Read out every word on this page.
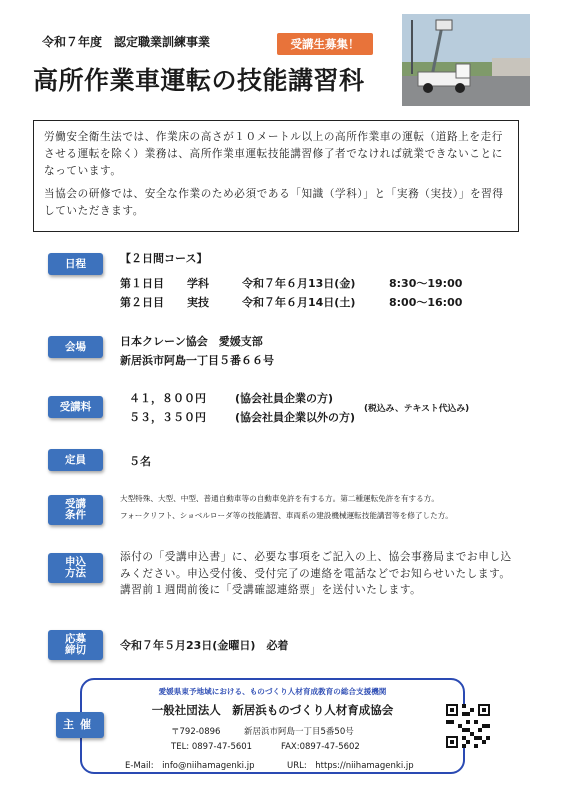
令和７年度　認定職業訓練事業	受講生募集！
高所作業車運転の技能講習科

労働安全衛生法では、作業床の高さが１０メートル以上の高所作業車の運転（道路上を走行させる運転を除く）業務は、高所作業車運転技能講習修了者でなければ就業できないことになっています。

当協会の研修では、安全な作業のため必須である「知識（学科）」と「実務（実技）」を習得していただきます。

日程	【２日間コース】
第１日目 学科	令和７年６月13日(金)	8:30〜19:00
第２日目 実技	令和７年６月14日(土)	8:00〜16:00
会場	日本クレーン協会　愛媛支部
新居浜市阿島一丁目５番６６号
受講料
４１，８００円	(協会社員企業の方)
５３，３５０円	(協会社員企業以外の方)
(税込み、テキスト代込み)
定員	５名
受講
条件
大型特殊、大型、中型、普通自動車等の自動車免許を有する方。第二種運転免許を有する方。
フォークリフト、ショベルローダ等の技能講習、車両系の建設機械運転技能講習等を修了した方。
申込
方法
添付の「受講申込書」に、必要な事項をご記入の上、協会事務局までお申し込みください。申込受付後、受付完了の連絡を電話などでお知らせいたします。講習前１週間前後に「受講確認連絡票」を送付いたします。
応募
締切	令和７年５月23日(金曜日)　必着
主催
愛媛県東予地域における、ものづくり人材育成教育の総合支援機関
一般社団法人　新居浜ものづくり人材育成協会
〒792-0896	新居浜市阿島一丁目5番50号
TEL: 0897-47-5601	FAX:0897-47-5602
E-Mail:　info@niihamagenki.jp	URL:　https://niihamagenki.jp
